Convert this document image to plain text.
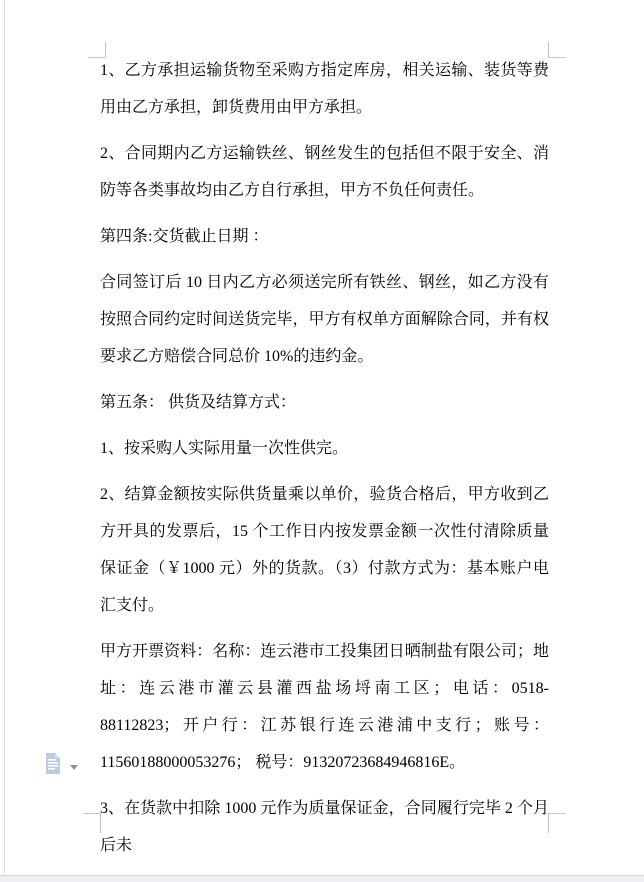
1、乙方承担运输货物至采购方指定库房，相关运输、装货等费用由乙方承担，卸货费用由甲方承担。

2、合同期内乙方运输铁丝、钢丝发生的包括但不限于安全、消防等各类事故均由乙方自行承担，甲方不负任何责任。

第四条:交货截止日期 ：

合同签订后 10 日内乙方必须送完所有铁丝、钢丝，如乙方没有按照合同约定时间送货完毕，甲方有权单方面解除合同，并有权要求乙方赔偿合同总价 10%的违约金。

第五条： 供货及结算方式：

1、按采购人实际用量一次性供完。

2、结算金额按实际供货量乘以单价，验货合格后，甲方收到乙方开具的发票后，15 个工作日内按发票金额一次性付清除质量保证金（￥1000 元）外的货款。（3）付款方式为：基本账户电汇支付。

甲方开票资料：名称：连云港市工投集团日晒制盐有限公司；地址：连云港市灌云县灌西盐场埒南工区；电话：0518-88112823；开户行：江苏银行连云港浦中支行；账号： 11560188000053276； 税号：91320723684946816E。

3、在货款中扣除 1000 元作为质量保证金，合同履行完毕 2 个月后未
